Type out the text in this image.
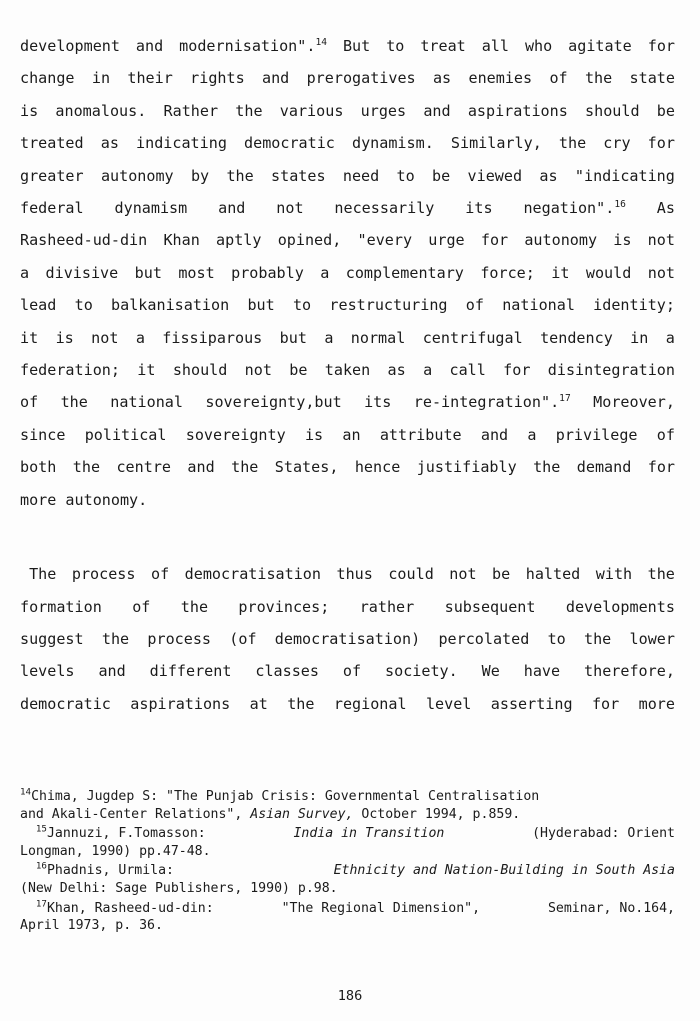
development and modernisation".$^{14}$ But to treat all who agitate for
change in their rights and prerogatives as enemies of the state
is anomalous. Rather the various urges and aspirations should be
treated as indicating democratic dynamism. Similarly, the cry for
greater autonomy by the states need to be viewed as "indicating
federal dynamism and not necessarily its negation".$^{16}$ As
Rasheed-ud-din Khan aptly opined, "every urge for autonomy is not
a divisive but most probably a complementary force; it would not
lead to balkanisation but to restructuring of national identity;
it is not a fissiparous but a normal centrifugal tendency in a
federation; it should not be taken as a call for disintegration
of the national sovereignty,but its re-integration".$^{17}$ Moreover,
since political sovereignty is an attribute and a privilege of
both the centre and the States, hence justifiably the demand for
more autonomy.
The process of democratisation thus could not be halted with the
formation of the provinces; rather subsequent developments
suggest the process (of democratisation) percolated to the lower
levels and different classes of society. We have therefore,
democratic aspirations at the regional level asserting for more
$^{14}$Chima, Jugdep S: "The Punjab Crisis: Governmental Centralisation
and Akali-Center Relations", Asian Survey, October 1994, p.859.
$^{15}$Jannuzi, F.Tomasson:	India in Transition	(Hyderabad: Orient
Longman, 1990) pp.47-48.
$^{16}$Phadnis, Urmila:	Ethnicity and Nation-Building in South Asia
(New Delhi: Sage Publishers, 1990) p.98.
$^{17}$Khan, Rasheed-ud-din:	"The Regional Dimension",	Seminar, No.164,
April 1973, p. 36.
186
